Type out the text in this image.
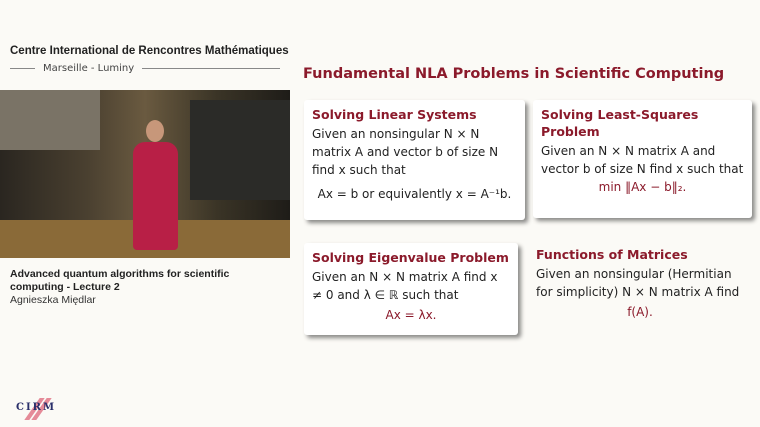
Centre International de Rencontres Mathématiques
Marseille - Luminy
Advanced quantum algorithms for scientific
computing - Lecture 2
Agnieszka Międlar
CIRM
Fundamental NLA Problems in Scientific Computing
Solving Linear Systems
Given an nonsingular N × N matrix A and vector b of size N find x such that
Ax = b or equivalently x = A⁻¹b.
Solving Least-Squares Problem
Given an N × N matrix A and vector b of size N find x such that
min ‖Ax − b‖₂.
Solving Eigenvalue Problem
Given an N × N matrix A find x ≠ 0 and λ ∈ ℝ such that
Ax = λx.
Functions of Matrices
Given an nonsingular (Hermitian for simplicity) N × N matrix A find
f(A).
